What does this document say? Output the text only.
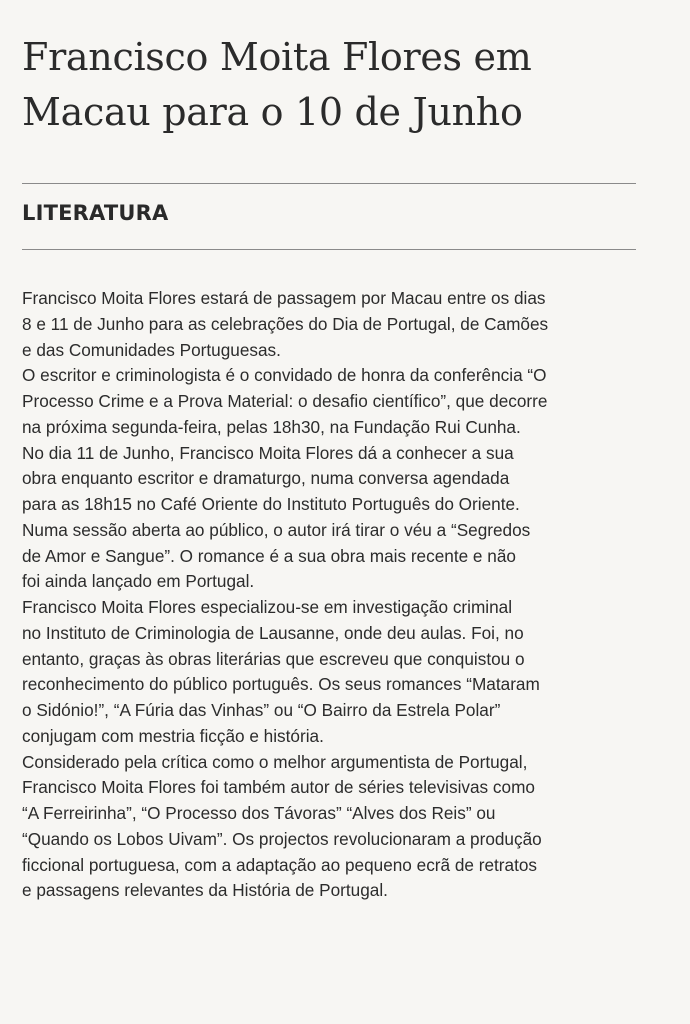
Francisco Moita Flores em
Macau para o 10 de Junho
LITERATURA
Francisco Moita Flores estará de passagem por Macau entre os dias
8 e 11 de Junho para as celebrações do Dia de Portugal, de Camões
e das Comunidades Portuguesas.
O escritor e criminologista é o convidado de honra da conferência “O
Processo Crime e a Prova Material: o desafio científico”, que decorre
na próxima segunda-feira, pelas 18h30, na Fundação Rui Cunha.
No dia 11 de Junho, Francisco Moita Flores dá a conhecer a sua
obra enquanto escritor e dramaturgo, numa conversa agendada
para as 18h15 no Café Oriente do Instituto Português do Oriente.
Numa sessão aberta ao público, o autor irá tirar o véu a “Segredos
de Amor e Sangue”. O romance é a sua obra mais recente e não
foi ainda lançado em Portugal.
Francisco Moita Flores especializou-se em investigação criminal
no Instituto de Criminologia de Lausanne, onde deu aulas. Foi, no
entanto, graças às obras literárias que escreveu que conquistou o
reconhecimento do público português. Os seus romances “Mataram
o Sidónio!”, “A Fúria das Vinhas” ou “O Bairro da Estrela Polar”
conjugam com mestria ficção e história.
Considerado pela crítica como o melhor argumentista de Portugal,
Francisco Moita Flores foi também autor de séries televisivas como
“A Ferreirinha”, “O Processo dos Távoras” “Alves dos Reis” ou
“Quando os Lobos Uivam”. Os projectos revolucionaram a produção
ficcional portuguesa, com a adaptação ao pequeno ecrã de retratos
e passagens relevantes da História de Portugal.
